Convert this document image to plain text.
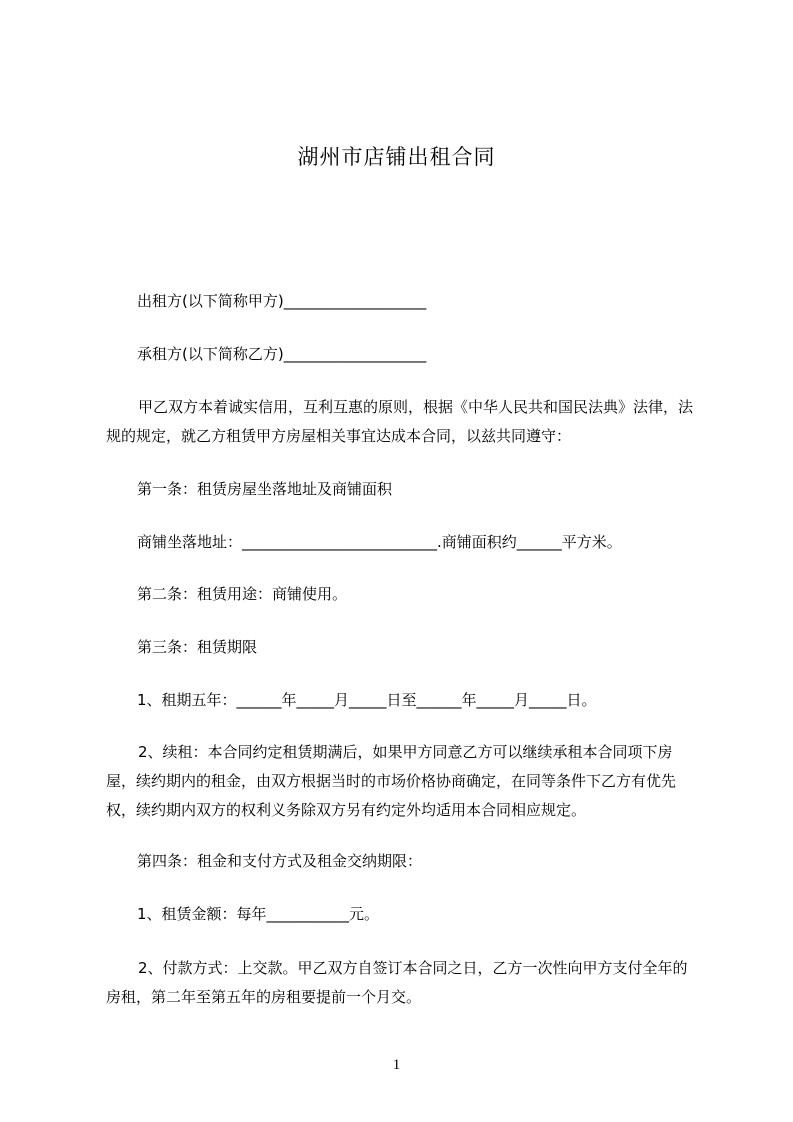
湖州市店铺出租合同
出租方(以下简称甲方)___________________
承租方(以下简称乙方)___________________
甲乙双方本着诚实信用，互利互惠的原则，根据《中华人民共和国民法典》法律，法规的规定，就乙方租赁甲方房屋相关事宜达成本合同，以兹共同遵守：
第一条：租赁房屋坐落地址及商铺面积
商铺坐落地址：__________________________.商铺面积约______平方米。
第二条：租赁用途：商铺使用。
第三条：租赁期限
1、租期五年：______年_____月_____日至______年_____月_____日。
2、续租：本合同约定租赁期满后，如果甲方同意乙方可以继续承租本合同项下房屋，续约期内的租金，由双方根据当时的市场价格协商确定，在同等条件下乙方有优先权，续约期内双方的权利义务除双方另有约定外均适用本合同相应规定。
第四条：租金和支付方式及租金交纳期限：
1、租赁金额：每年___________元。
2、付款方式：上交款。甲乙双方自签订本合同之日，乙方一次性向甲方支付全年的房租，第二年至第五年的房租要提前一个月交。
1
